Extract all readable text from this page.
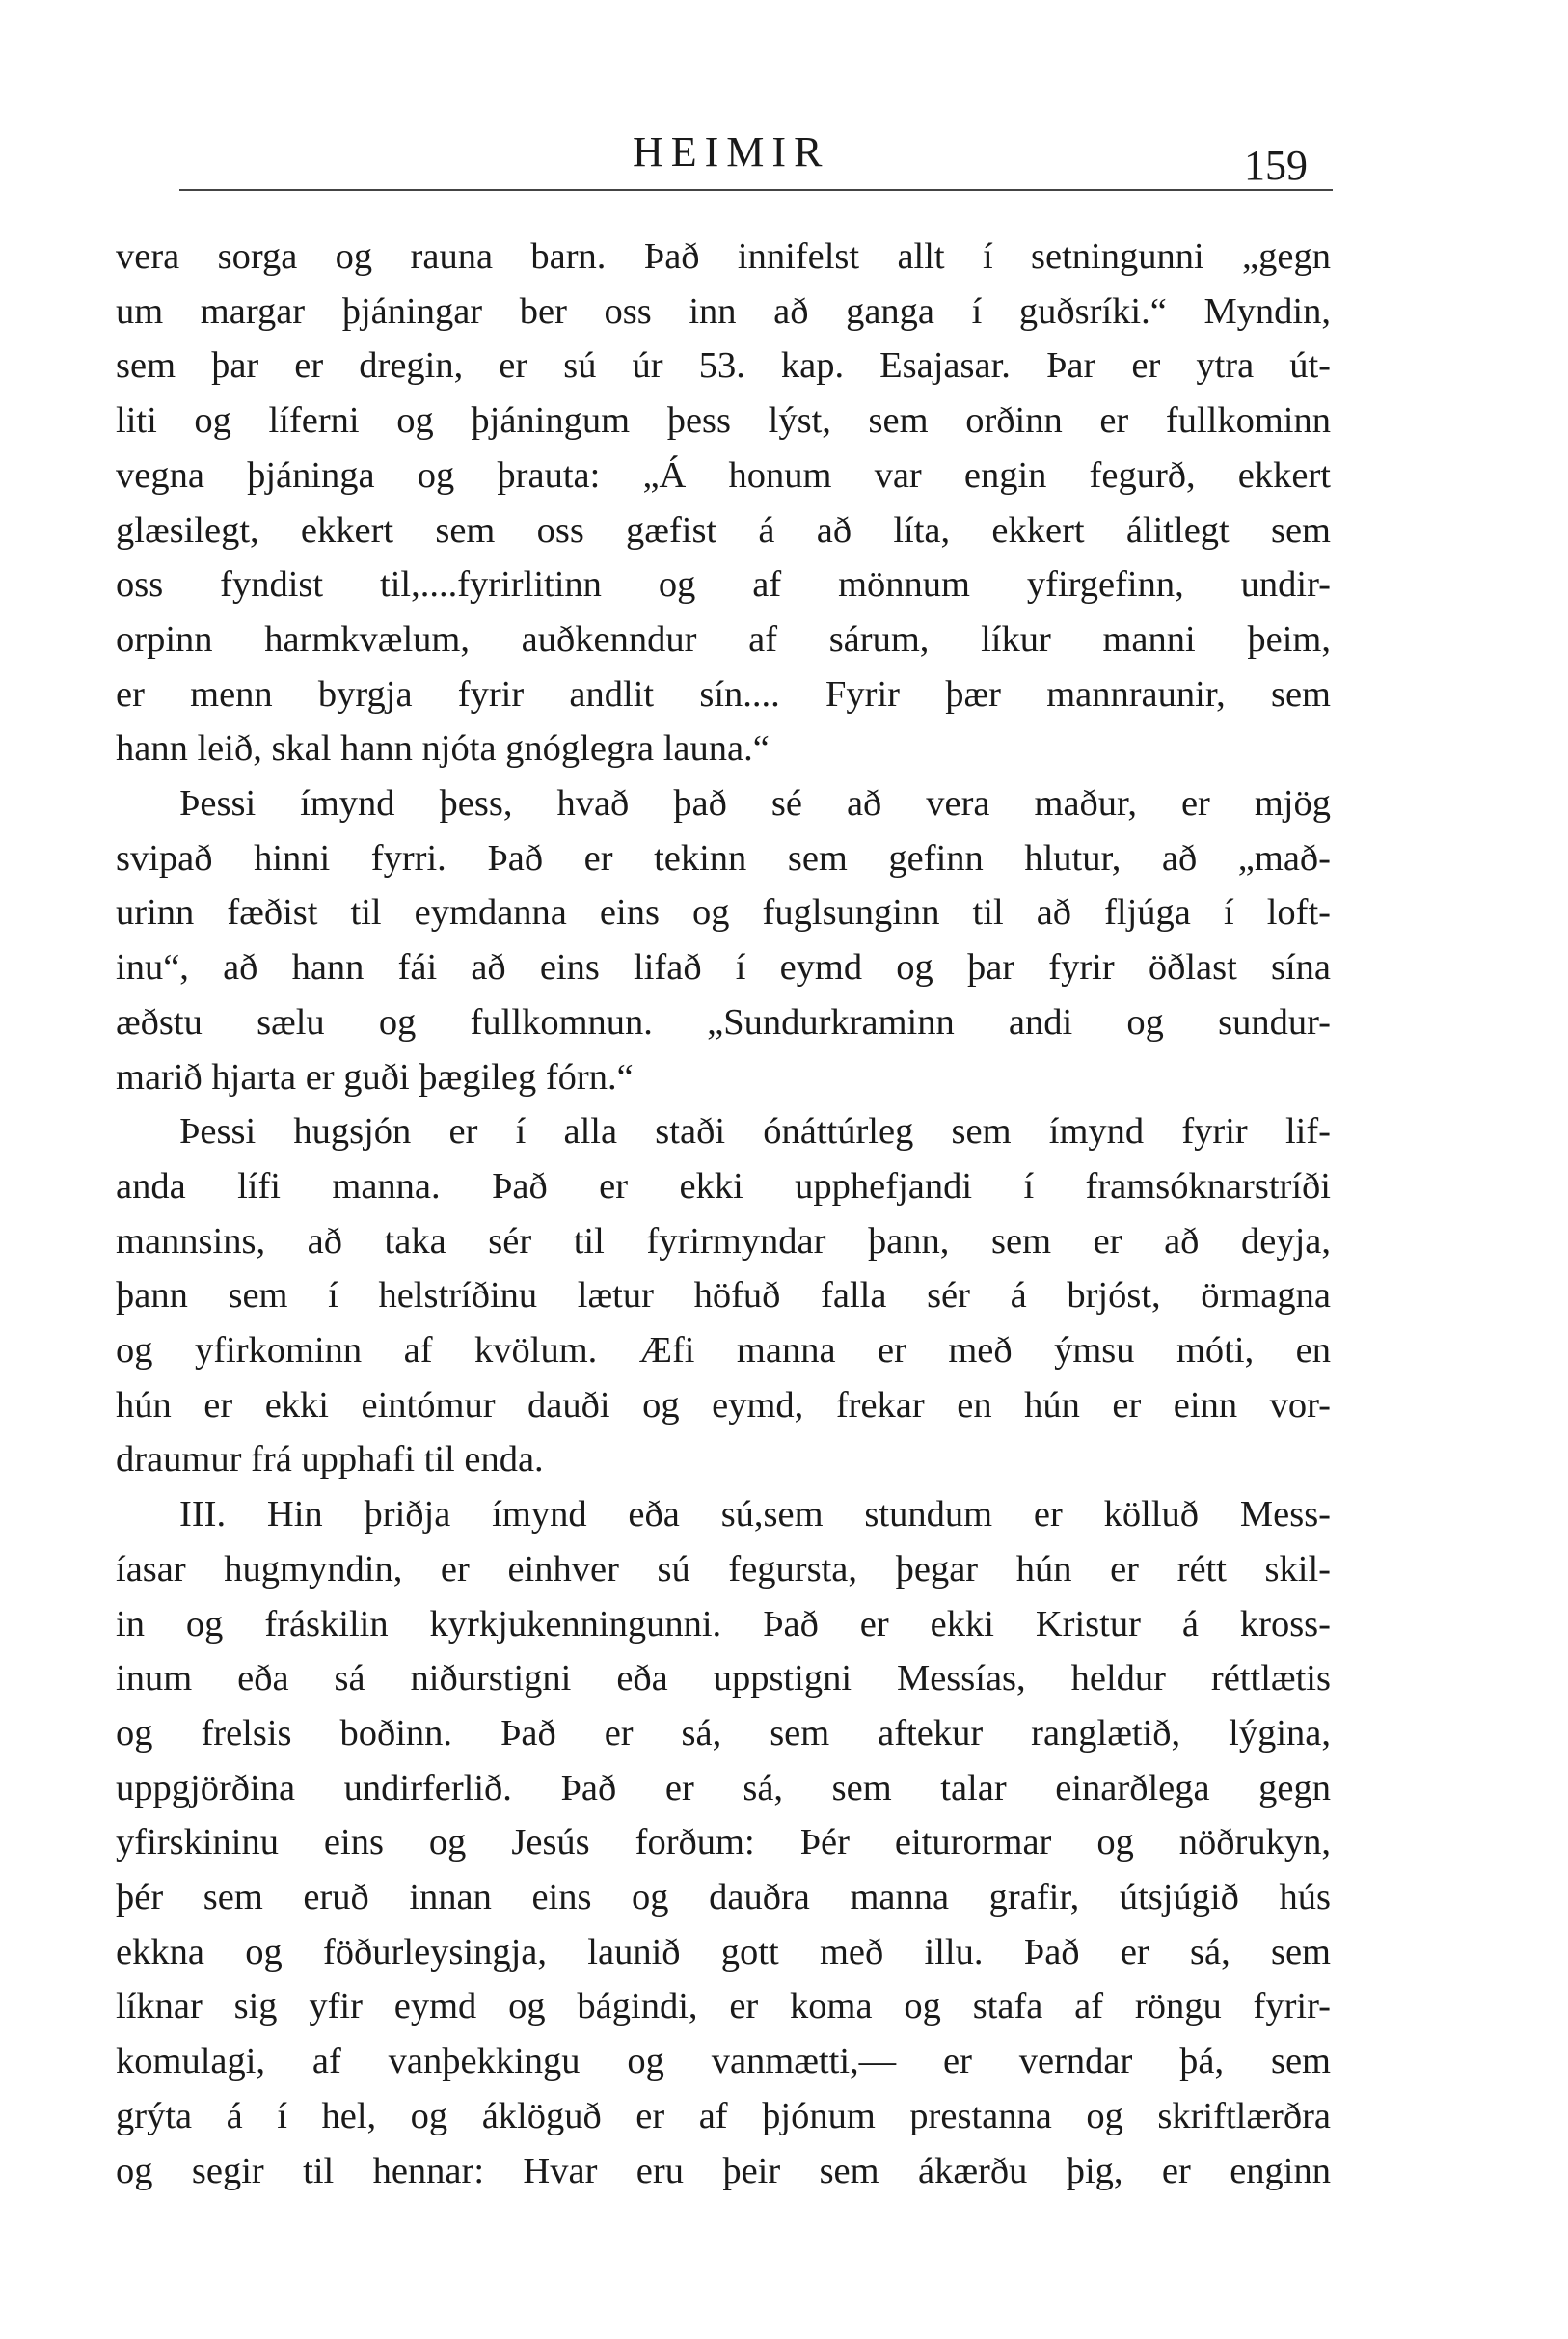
HEIMIR	159
vera sorga og rauna barn. Það innifelst allt í setningunni „gegn
um margar þjáningar ber oss inn að ganga í guðsríki.“ Myndin,
sem þar er dregin, er sú úr 53. kap. Esajasar. Þar er ytra út-
liti og líferni og þjáningum þess lýst, sem orðinn er fullkominn
vegna þjáninga og þrauta: „Á honum var engin fegurð, ekkert
glæsilegt, ekkert sem oss gæfist á að líta, ekkert álitlegt sem
oss fyndist til,....fyrirlitinn og af mönnum yfirgefinn, undir-
orpinn harmkvælum, auðkenndur af sárum, líkur manni þeim,
er menn byrgja fyrir andlit sín.... Fyrir þær mannraunir, sem
hann leið, skal hann njóta gnóglegra launa.“
Þessi ímynd þess, hvað það sé að vera maður, er mjög
svipað hinni fyrri. Það er tekinn sem gefinn hlutur, að „mað-
urinn fæðist til eymdanna eins og fuglsunginn til að fljúga í loft-
inu“, að hann fái að eins lifað í eymd og þar fyrir öðlast sína
æðstu sælu og fullkomnun. „Sundurkraminn andi og sundur-
marið hjarta er guði þægileg fórn.“
Þessi hugsjón er í alla staði ónáttúrleg sem ímynd fyrir lif-
anda lífi manna. Það er ekki upphefjandi í framsóknarstríði
mannsins, að taka sér til fyrirmyndar þann, sem er að deyja,
þann sem í helstríðinu lætur höfuð falla sér á brjóst, örmagna
og yfirkominn af kvölum. Æfi manna er með ýmsu móti, en
hún er ekki eintómur dauði og eymd, frekar en hún er einn vor-
draumur frá upphafi til enda.
III. Hin þriðja ímynd eða sú,sem stundum er kölluð Mess-
íasar hugmyndin, er einhver sú fegursta, þegar hún er rétt skil-
in og fráskilin kyrkjukenningunni. Það er ekki Kristur á kross-
inum eða sá niðurstigni eða uppstigni Messías, heldur réttlætis
og frelsis boðinn. Það er sá, sem aftekur ranglætið, lýgina,
uppgjörðina undirferlið. Það er sá, sem talar einarðlega gegn
yfirskininu eins og Jesús forðum: Þér eiturormar og nöðrukyn,
þér sem eruð innan eins og dauðra manna grafir, útsjúgið hús
ekkna og föðurleysingja, launið gott með illu. Það er sá, sem
líknar sig yfir eymd og bágindi, er koma og stafa af röngu fyrir-
komulagi, af vanþekkingu og vanmætti,— er verndar þá, sem
grýta á í hel, og áklöguð er af þjónum prestanna og skriftlærðra
og segir til hennar: Hvar eru þeir sem ákærðu þig, er enginn
